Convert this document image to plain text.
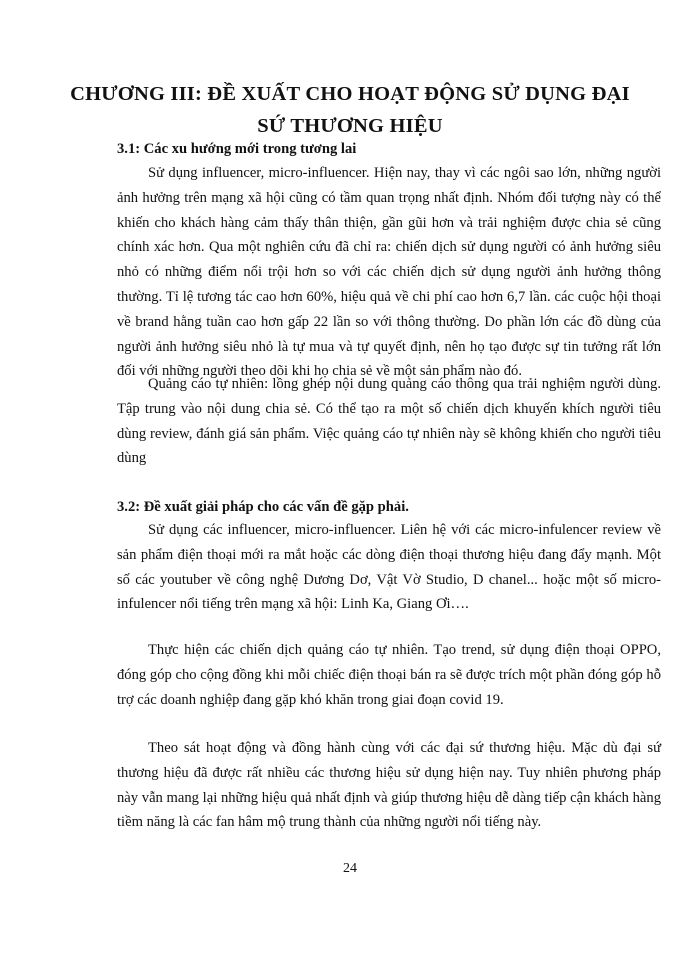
CHƯƠNG III: ĐỀ XUẤT CHO HOẠT ĐỘNG SỬ DỤNG ĐẠI
SỨ THƯƠNG HIỆU
3.1: Các xu hướng mới trong tương lai

Sử dụng influencer, micro-influencer. Hiện nay, thay vì các ngôi sao lớn, những người ảnh hưởng trên mạng xã hội cũng có tầm quan trọng nhất định. Nhóm đối tượng này có thể khiến cho khách hàng cảm thấy thân thiện, gần gũi hơn và trải nghiệm được chia sẻ cũng chính xác hơn. Qua một nghiên cứu đã chỉ ra: chiến dịch sử dụng người có ảnh hưởng siêu nhỏ có những điểm nổi trội hơn so với các chiến dịch sử dụng người ảnh hưởng thông thường. Tỉ lệ tương tác cao hơn 60%, hiệu quả về chi phí cao hơn 6,7 lần. các cuộc hội thoại về brand hằng tuần cao hơn gấp 22 lần so với thông thường. Do phần lớn các đồ dùng của người ảnh hưởng siêu nhỏ là tự mua và tự quyết định, nên họ tạo được sự tin tưởng rất lớn đối với những người theo dõi khi họ chia sẻ về một sản phẩm nào đó.

Quảng cáo tự nhiên: lồng ghép nội dung quảng cáo thông qua trải nghiệm người dùng. Tập trung vào nội dung chia sẻ. Có thể tạo ra một số chiến dịch khuyến khích người tiêu dùng review, đánh giá sản phẩm. Việc quảng cáo tự nhiên này sẽ không khiến cho người tiêu dùng

3.2: Đề xuất giải pháp cho các vấn đề gặp phải.

Sử dụng các influencer, micro-influencer. Liên hệ với các micro-infulencer review về sản phẩm điện thoại mới ra mắt hoặc các dòng điện thoại thương hiệu đang đẩy mạnh. Một số các youtuber về công nghệ Dương Dơ, Vật Vờ Studio, D chanel... hoặc một số micro-infulencer nổi tiếng trên mạng xã hội: Linh Ka, Giang Ơi….

Thực hiện các chiến dịch quảng cáo tự nhiên. Tạo trend, sử dụng điện thoại OPPO, đóng góp cho cộng đồng khi mỗi chiếc điện thoại bán ra sẽ được trích một phần đóng góp hỗ trợ các doanh nghiệp đang gặp khó khăn trong giai đoạn covid 19.

Theo sát hoạt động và đồng hành cùng với các đại sứ thương hiệu. Mặc dù đại sứ thương hiệu đã được rất nhiều các thương hiệu sử dụng hiện nay. Tuy nhiên phương pháp này vẫn mang lại những hiệu quả nhất định và giúp thương hiệu dễ dàng tiếp cận khách hàng tiềm năng là các fan hâm mộ trung thành của những người nổi tiếng này.

24
